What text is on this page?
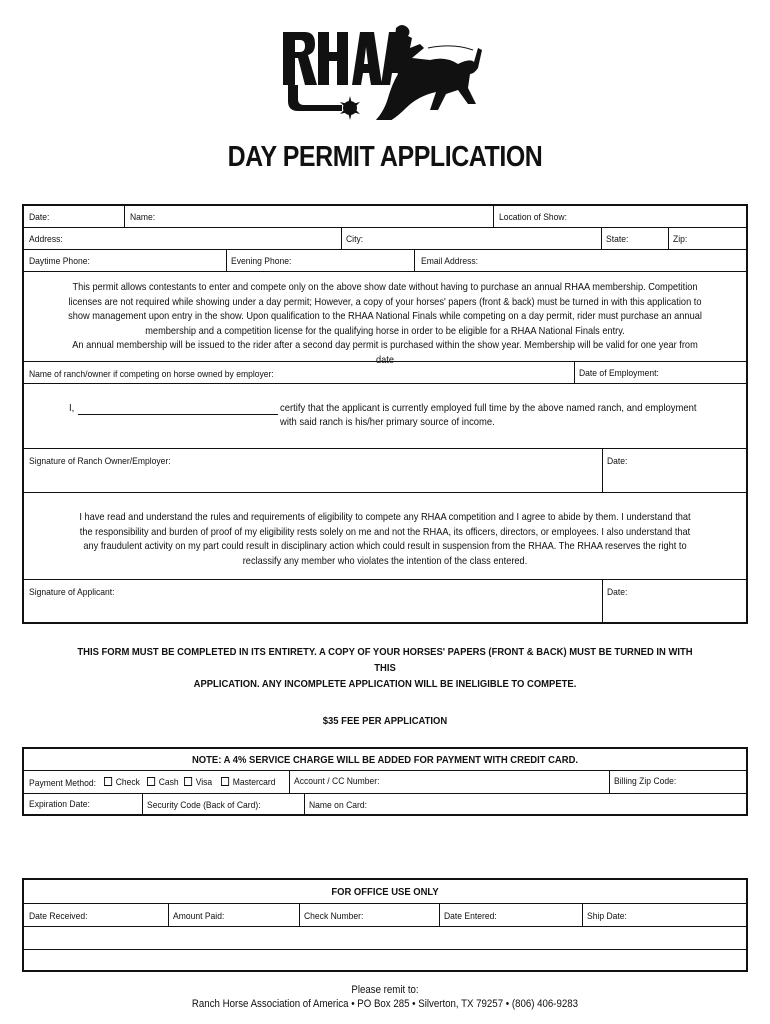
DAY PERMIT APPLICATION
Date:	Name:	Location of Show:
Address:	City:	State:	Zip:
Daytime Phone:	Evening Phone:	Email Address:
This permit allows contestants to enter and compete only on the above show date without having to purchase an annual RHAA membership. Competition
licenses are not required while showing under a day permit; However, a copy of your horses' papers (front & back) must be turned in with this application to
show management upon entry in the show. Upon qualification to the RHAA National Finals while competing on a day permit, rider must purchase an annual
membership and a competition license for the qualifying horse in order to be eligible for a RHAA National Finals entry.
An annual membership will be issued to the rider after a second day permit is purchased within the show year. Membership will be valid for one year from date
Name of ranch/owner if competing on horse owned by employer:	Date of Employment:
I,	certify that the applicant is currently employed full time by the above named ranch, and employment
with said ranch is his/her primary source of income.
Signature of Ranch Owner/Employer:	Date:
I have read and understand the rules and requirements of eligibility to compete any RHAA competition and I agree to abide by them. I understand that
the responsibility and burden of proof of my eligibility rests solely on me and not the RHAA, its officers, directors, or employees. I also understand that
any fraudulent activity on my part could result in disciplinary action which could result in suspension from the RHAA. The RHAA reserves the right to
reclassify any member who violates the intention of the class entered.
Signature of Applicant:	Date:
THIS FORM MUST BE COMPLETED IN ITS ENTIRETY. A COPY OF YOUR HORSES' PAPERS (FRONT & BACK) MUST BE TURNED IN WITH THIS
APPLICATION. ANY INCOMPLETE APPLICATION WILL BE INELIGIBLE TO COMPETE.
$35 FEE PER APPLICATION
NOTE: A 4% SERVICE CHARGE WILL BE ADDED FOR PAYMENT WITH CREDIT CARD.
Payment Method:	Check	Cash	Visa	Mastercard Account / CC Number:	Billing Zip Code:
Expiration Date:	Security Code (Back of Card):	Name on Card:
FOR OFFICE USE ONLY
Date Received:	Amount Paid:	Check Number:	Date Entered:	Ship Date:
Please remit to:
Ranch Horse Association of America • PO Box 285 • Silverton, TX 79257 • (806) 406-9283
